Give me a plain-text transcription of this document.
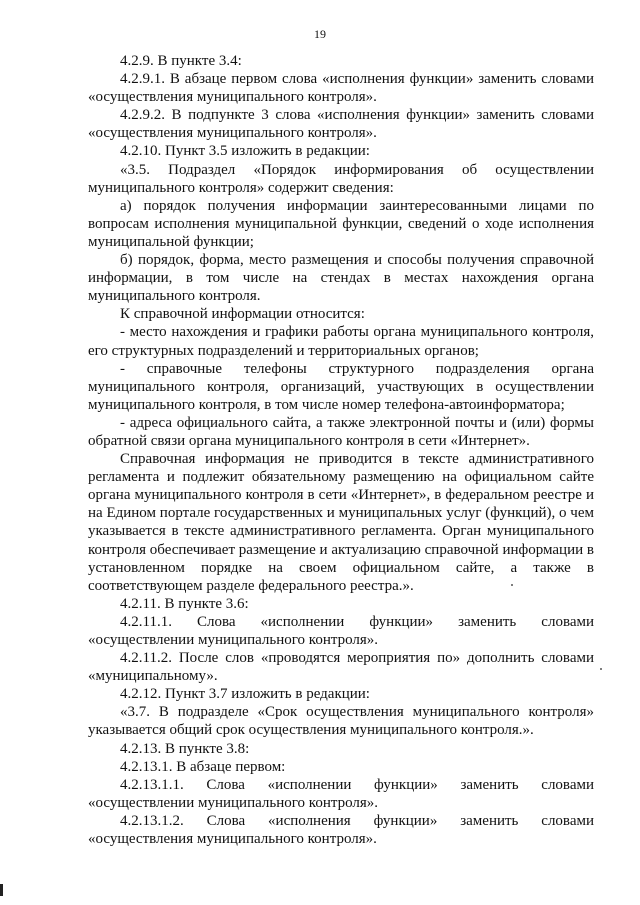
19

4.2.9. В пункте 3.4:

4.2.9.1. В абзаце первом слова «исполнения функции» заменить словами «осуществления муниципального контроля».

4.2.9.2. В подпункте 3 слова «исполнения функции» заменить словами «осуществления муниципального контроля».

4.2.10. Пункт 3.5 изложить в редакции:

«3.5. Подраздел «Порядок информирования об осуществлении муниципального контроля» содержит сведения:

а) порядок получения информации заинтересованными лицами по вопросам исполнения муниципальной функции, сведений о ходе исполнения муниципальной функции;

б) порядок, форма, место размещения и способы получения справочной информации, в том числе на стендах в местах нахождения органа муниципального контроля.

К справочной информации относится:

- место нахождения и графики работы органа муниципального контроля, его структурных подразделений и территориальных органов;

- справочные телефоны структурного подразделения органа муниципального контроля, организаций, участвующих в осуществлении муниципального контроля, в том числе номер телефона-автоинформатора;

- адреса официального сайта, а также электронной почты и (или) формы обратной связи органа муниципального контроля в сети «Интернет».

Справочная информация не приводится в тексте административного регламента и подлежит обязательному размещению на официальном сайте органа муниципального контроля в сети «Интернет», в федеральном реестре и на Едином портале государственных и муниципальных услуг (функций), о чем указывается в тексте административного регламента. Орган муниципального контроля обеспечивает размещение и актуализацию справочной информации в установленном порядке на своем официальном сайте, а также в соответствующем разделе федерального реестра.».

4.2.11. В пункте 3.6:

4.2.11.1. Слова «исполнении функции» заменить словами «осуществлении муниципального контроля».

4.2.11.2. После слов «проводятся мероприятия по» дополнить словами «муниципальному».

4.2.12. Пункт 3.7 изложить в редакции:

«3.7. В подразделе «Срок осуществления муниципального контроля» указывается общий срок осуществления муниципального контроля.».

4.2.13. В пункте 3.8:

4.2.13.1. В абзаце первом:

4.2.13.1.1. Слова «исполнении функции» заменить словами «осуществлении муниципального контроля».

4.2.13.1.2. Слова «исполнения функции» заменить словами «осуществления муниципального контроля».
